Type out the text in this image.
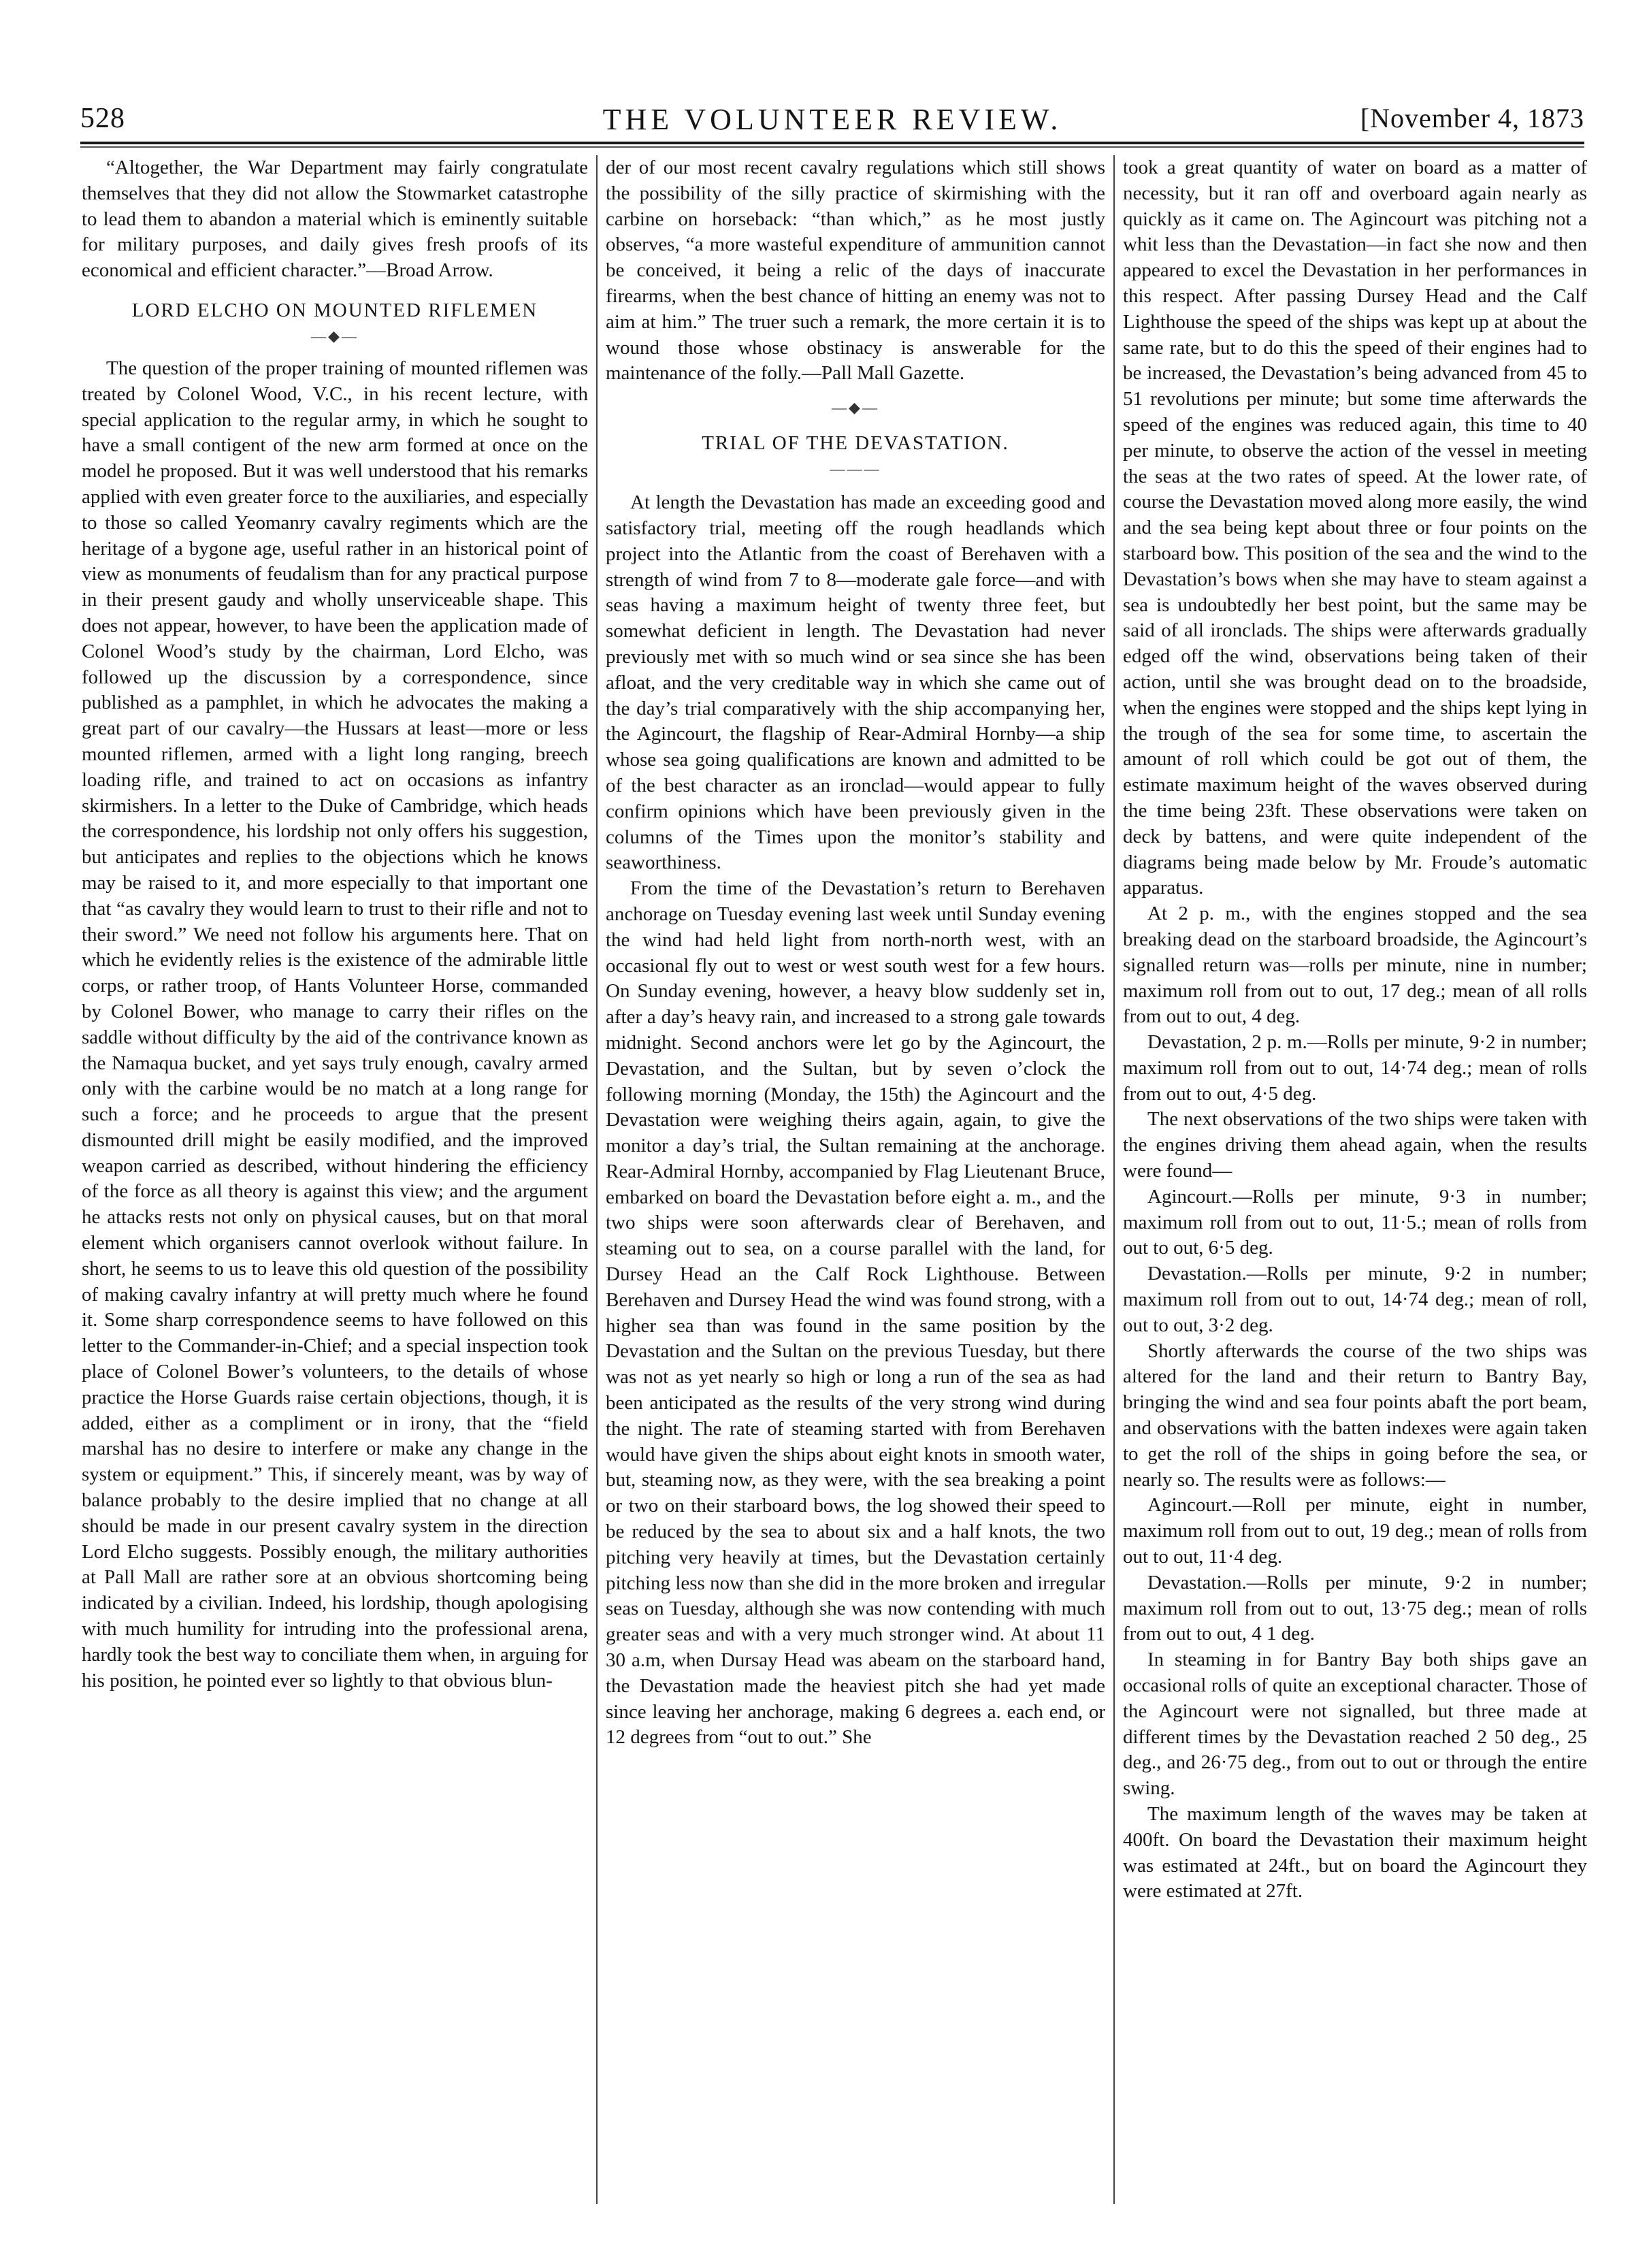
528	THE VOLUNTEER REVIEW.	[November 4, 1873

“Altogether, the War Department may fairly congratulate themselves that they did not allow the Stowmarket catastrophe to lead them to abandon a material which is eminently suitable for military purposes, and daily gives fresh proofs of its economical and efficient character.”—Broad Arrow.

LORD ELCHO ON MOUNTED RIFLEMEN
—◆—

The question of the proper training of mounted riflemen was treated by Colonel Wood, V.C., in his recent lecture, with special application to the regular army, in which he sought to have a small contigent of the new arm formed at once on the model he proposed. But it was well understood that his remarks applied with even greater force to the auxiliaries, and especially to those so called Yeomanry cavalry regiments which are the heritage of a bygone age, useful rather in an historical point of view as monuments of feudalism than for any practical purpose in their present gaudy and wholly unserviceable shape. This does not appear, however, to have been the application made of Colonel Wood’s study by the chairman, Lord Elcho, was followed up the discussion by a correspondence, since published as a pamphlet, in which he advocates the making a great part of our cavalry—the Hussars at least—more or less mounted riflemen, armed with a light long ranging, breech loading rifle, and trained to act on occasions as infantry skirmishers. In a letter to the Duke of Cambridge, which heads the correspondence, his lordship not only offers his suggestion, but anticipates and replies to the objections which he knows may be raised to it, and more especially to that important one that “as cavalry they would learn to trust to their rifle and not to their sword.” We need not follow his arguments here. That on which he evidently relies is the existence of the admirable little corps, or rather troop, of Hants Volunteer Horse, commanded by Colonel Bower, who manage to carry their rifles on the saddle without difficulty by the aid of the contrivance known as the Namaqua bucket, and yet says truly enough, cavalry armed only with the carbine would be no match at a long range for such a force; and he proceeds to argue that the present dismounted drill might be easily modified, and the improved weapon carried as described, without hindering the efficiency of the force as all theory is against this view; and the argument he attacks rests not only on physical causes, but on that moral element which organisers cannot overlook without failure. In short, he seems to us to leave this old question of the possibility of making cavalry infantry at will pretty much where he found it. Some sharp correspondence seems to have followed on this letter to the Commander-in-Chief; and a special inspection took place of Colonel Bower’s volunteers, to the details of whose practice the Horse Guards raise certain objections, though, it is added, either as a compliment or in irony, that the “field marshal has no desire to interfere or make any change in the system or equipment.” This, if sincerely meant, was by way of balance probably to the desire implied that no change at all should be made in our present cavalry system in the direction Lord Elcho suggests. Possibly enough, the military authorities at Pall Mall are rather sore at an obvious shortcoming being indicated by a civilian. Indeed, his lordship, though apologising with much humility for intruding into the professional arena, hardly took the best way to conciliate them when, in arguing for his position, he pointed ever so lightly to that obvious blun-

der of our most recent cavalry regulations which still shows the possibility of the silly practice of skirmishing with the carbine on horseback: “than which,” as he most justly observes, “a more wasteful expenditure of ammunition cannot be conceived, it being a relic of the days of inaccurate firearms, when the best chance of hitting an enemy was not to aim at him.” The truer such a remark, the more certain it is to wound those whose obstinacy is answerable for the maintenance of the folly.—Pall Mall Gazette.

—◆—
TRIAL OF THE DEVASTATION.
———

At length the Devastation has made an exceeding good and satisfactory trial, meeting off the rough headlands which project into the Atlantic from the coast of Berehaven with a strength of wind from 7 to 8—moderate gale force—and with seas having a maximum height of twenty three feet, but somewhat deficient in length. The Devastation had never previously met with so much wind or sea since she has been afloat, and the very creditable way in which she came out of the day’s trial comparatively with the ship accompanying her, the Agincourt, the flagship of Rear-Admiral Hornby—a ship whose sea going qualifications are known and admitted to be of the best character as an ironclad—would appear to fully confirm opinions which have been previously given in the columns of the Times upon the monitor’s stability and seaworthiness.

From the time of the Devastation’s return to Berehaven anchorage on Tuesday evening last week until Sunday evening the wind had held light from north-north west, with an occasional fly out to west or west south west for a few hours. On Sunday evening, however, a heavy blow suddenly set in, after a day’s heavy rain, and increased to a strong gale towards midnight. Second anchors were let go by the Agincourt, the Devastation, and the Sultan, but by seven o’clock the following morning (Monday, the 15th) the Agincourt and the Devastation were weighing theirs again, again, to give the monitor a day’s trial, the Sultan remaining at the anchorage. Rear-Admiral Hornby, accompanied by Flag Lieutenant Bruce, embarked on board the Devastation before eight a. m., and the two ships were soon afterwards clear of Berehaven, and steaming out to sea, on a course parallel with the land, for Dursey Head an the Calf Rock Lighthouse. Between Berehaven and Dursey Head the wind was found strong, with a higher sea than was found in the same position by the Devastation and the Sultan on the previous Tuesday, but there was not as yet nearly so high or long a run of the sea as had been anticipated as the results of the very strong wind during the night. The rate of steaming started with from Berehaven would have given the ships about eight knots in smooth water, but, steaming now, as they were, with the sea breaking a point or two on their starboard bows, the log showed their speed to be reduced by the sea to about six and a half knots, the two pitching very heavily at times, but the Devastation certainly pitching less now than she did in the more broken and irregular seas on Tuesday, although she was now contending with much greater seas and with a very much stronger wind. At about 11 30 a.m, when Dursay Head was abeam on the starboard hand, the Devastation made the heaviest pitch she had yet made since leaving her anchorage, making 6 degrees a. each end, or 12 degrees from “out to out.” She

took a great quantity of water on board as a matter of necessity, but it ran off and overboard again nearly as quickly as it came on. The Agincourt was pitching not a whit less than the Devastation—in fact she now and then appeared to excel the Devastation in her performances in this respect. After passing Dursey Head and the Calf Lighthouse the speed of the ships was kept up at about the same rate, but to do this the speed of their engines had to be increased, the Devastation’s being advanced from 45 to 51 revolutions per minute; but some time afterwards the speed of the engines was reduced again, this time to 40 per minute, to observe the action of the vessel in meeting the seas at the two rates of speed. At the lower rate, of course the Devastation moved along more easily, the wind and the sea being kept about three or four points on the starboard bow. This position of the sea and the wind to the Devastation’s bows when she may have to steam against a sea is undoubtedly her best point, but the same may be said of all ironclads. The ships were afterwards gradually edged off the wind, observations being taken of their action, until she was brought dead on to the broadside, when the engines were stopped and the ships kept lying in the trough of the sea for some time, to ascertain the amount of roll which could be got out of them, the estimate maximum height of the waves observed during the time being 23ft. These observations were taken on deck by battens, and were quite independent of the diagrams being made below by Mr. Froude’s automatic apparatus.

At 2 p. m., with the engines stopped and the sea breaking dead on the starboard broadside, the Agincourt’s signalled return was—rolls per minute, nine in number; maximum roll from out to out, 17 deg.; mean of all rolls from out to out, 4 deg.

Devastation, 2 p. m.—Rolls per minute, 9·2 in number; maximum roll from out to out, 14·74 deg.; mean of rolls from out to out, 4·5 deg.

The next observations of the two ships were taken with the engines driving them ahead again, when the results were found—

Agincourt.—Rolls per minute, 9·3 in number; maximum roll from out to out, 11·5.; mean of rolls from out to out, 6·5 deg.

Devastation.—Rolls per minute, 9·2 in number; maximum roll from out to out, 14·74 deg.; mean of roll, out to out, 3·2 deg.

Shortly afterwards the course of the two ships was altered for the land and their return to Bantry Bay, bringing the wind and sea four points abaft the port beam, and observations with the batten indexes were again taken to get the roll of the ships in going before the sea, or nearly so. The results were as follows:—

Agincourt.—Roll per minute, eight in number, maximum roll from out to out, 19 deg.; mean of rolls from out to out, 11·4 deg.

Devastation.—Rolls per minute, 9·2 in number; maximum roll from out to out, 13·75 deg.; mean of rolls from out to out, 4 1 deg.

In steaming in for Bantry Bay both ships gave an occasional rolls of quite an exceptional character. Those of the Agincourt were not signalled, but three made at different times by the Devastation reached 2 50 deg., 25 deg., and 26·75 deg., from out to out or through the entire swing.

The maximum length of the waves may be taken at 400ft. On board the Devastation their maximum height was estimated at 24ft., but on board the Agincourt they were estimated at 27ft.
